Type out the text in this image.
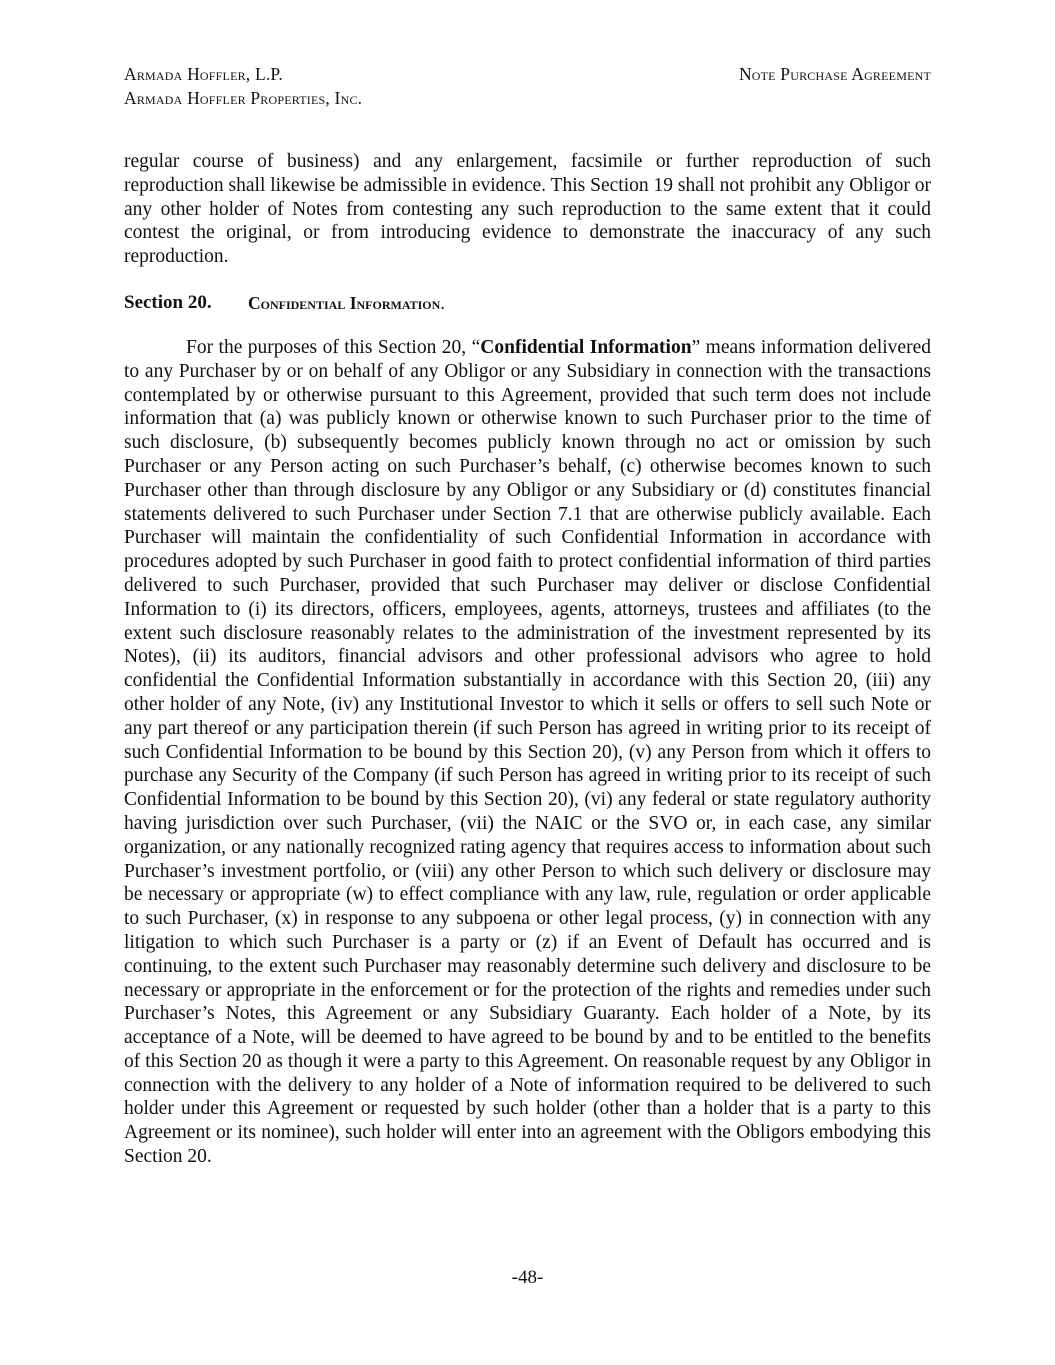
Armada Hoffler, L.P.
Armada Hoffler Properties, Inc.
Note Purchase Agreement

regular course of business) and any enlargement, facsimile or further reproduction of such reproduction shall likewise be admissible in evidence. This Section 19 shall not prohibit any Obligor or any other holder of Notes from contesting any such reproduction to the same extent that it could contest the original, or from introducing evidence to demonstrate the inaccuracy of any such reproduction.

Section 20.	Confidential Information.

For the purposes of this Section 20, “Confidential Information” means information delivered to any Purchaser by or on behalf of any Obligor or any Subsidiary in connection with the transactions contemplated by or otherwise pursuant to this Agreement, provided that such term does not include information that (a) was publicly known or otherwise known to such Purchaser prior to the time of such disclosure, (b) subsequently becomes publicly known through no act or omission by such Purchaser or any Person acting on such Purchaser’s behalf, (c) otherwise becomes known to such Purchaser other than through disclosure by any Obligor or any Subsidiary or (d) constitutes financial statements delivered to such Purchaser under Section 7.1 that are otherwise publicly available. Each Purchaser will maintain the confidentiality of such Confidential Information in accordance with procedures adopted by such Purchaser in good faith to protect confidential information of third parties delivered to such Purchaser, provided that such Purchaser may deliver or disclose Confidential Information to (i) its directors, officers, employees, agents, attorneys, trustees and affiliates (to the extent such disclosure reasonably relates to the administration of the investment represented by its Notes), (ii) its auditors, financial advisors and other professional advisors who agree to hold confidential the Confidential Information substantially in accordance with this Section 20, (iii) any other holder of any Note, (iv) any Institutional Investor to which it sells or offers to sell such Note or any part thereof or any participation therein (if such Person has agreed in writing prior to its receipt of such Confidential Information to be bound by this Section 20), (v) any Person from which it offers to purchase any Security of the Company (if such Person has agreed in writing prior to its receipt of such Confidential Information to be bound by this Section 20), (vi) any federal or state regulatory authority having jurisdiction over such Purchaser, (vii) the NAIC or the SVO or, in each case, any similar organization, or any nationally recognized rating agency that requires access to information about such Purchaser’s investment portfolio, or (viii) any other Person to which such delivery or disclosure may be necessary or appropriate (w) to effect compliance with any law, rule, regulation or order applicable to such Purchaser, (x) in response to any subpoena or other legal process, (y) in connection with any litigation to which such Purchaser is a party or (z) if an Event of Default has occurred and is continuing, to the extent such Purchaser may reasonably determine such delivery and disclosure to be necessary or appropriate in the enforcement or for the protection of the rights and remedies under such Purchaser’s Notes, this Agreement or any Subsidiary Guaranty. Each holder of a Note, by its acceptance of a Note, will be deemed to have agreed to be bound by and to be entitled to the benefits of this Section 20 as though it were a party to this Agreement. On reasonable request by any Obligor in connection with the delivery to any holder of a Note of information required to be delivered to such holder under this Agreement or requested by such holder (other than a holder that is a party to this Agreement or its nominee), such holder will enter into an agreement with the Obligors embodying this Section 20.

-48-
